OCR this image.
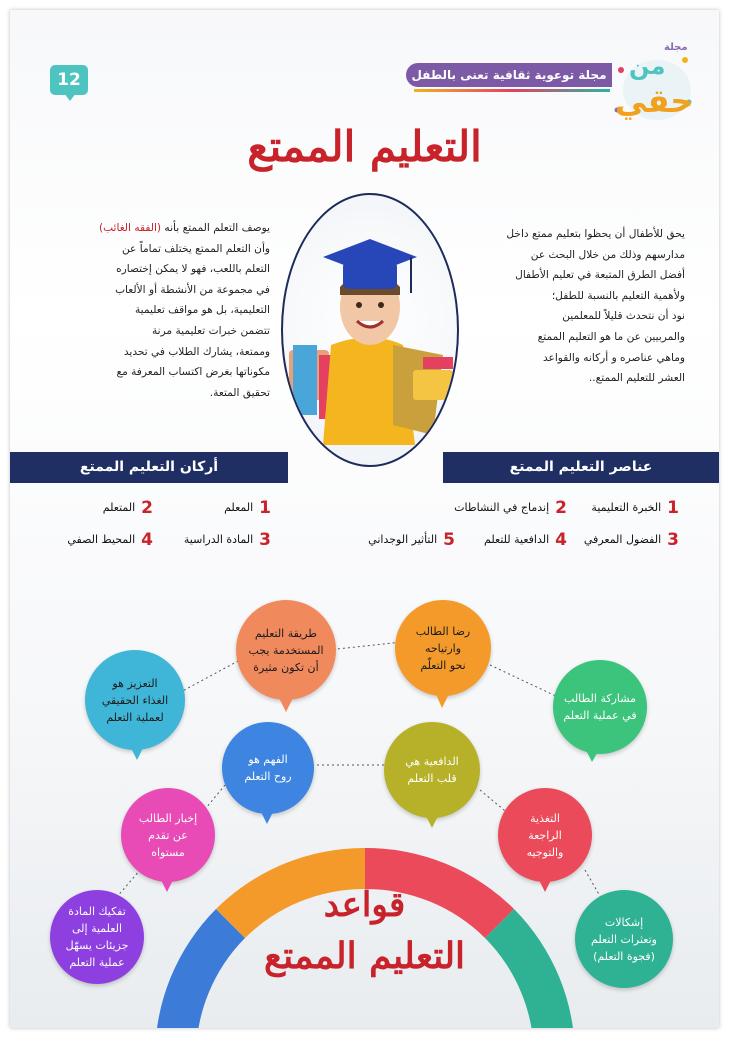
12	مجلة توعوية ثقافية تعنى بالطفل
مجلة
من
حقي
التعليم الممتع
يحق للأطفال أن يحظوا بتعليم ممتع داخل
مدارسهم وذلك من خلال البحث عن
أفضل الطرق المتبعة في تعليم الأطفال
ولأهمية التعليم بالنسبة للطفل؛
نود أن نتحدث قليلاً للمعلمين
والمربيين عن ما هو التعليم الممتع
وماهي عناصره و أركانه والقواعد
العشر للتعليم الممتع..
يوصف التعلم الممتع بأنه (الفقه الغائب)
وأن التعلم الممتع يختلف تماماً عن
التعلم باللعب، فهو لا يمكن إختصاره
في مجموعة من الأنشطة أو الألعاب
التعليمية، بل هو مواقف تعليمية
تتضمن خبرات تعليمية مرنة
وممتعة، يشارك الطلاب في تحديد
مكوناتها بغرض اكتساب المعرفة مع
تحقيق المتعة.
عناصر التعليم الممتع
1الخبرة التعليمية
2إندماج في النشاطات
3الفضول المعرفي
4الدافعية للتعلم
5التأثير الوجداني
أركان التعليم الممتع
1المعلم
2المتعلم
3المادة الدراسية
4المحيط الصفي
رضا الطالب
وارتياحه
نحو التعلّم
طريقة التعليم
المستخدمة يجب
أن تكون مثيرة
التعزيز هو
الغذاء الحقيقي
لعملية التعلم
مشاركة الطالب
في عملية التعلم
الدافعية هي
قلب التعلم
الفهم هو
روح التعلم
إخبار الطالب
عن تقدم
مستواه
التغذية
الراجعة
والتوجيه
تفكيك المادة
العلمية إلى
جزيئات يسهّل
عملية التعلم
إشكالات
وتعثرات التعلم
(فجوة التعلم)
قواعد
التعليم الممتع
